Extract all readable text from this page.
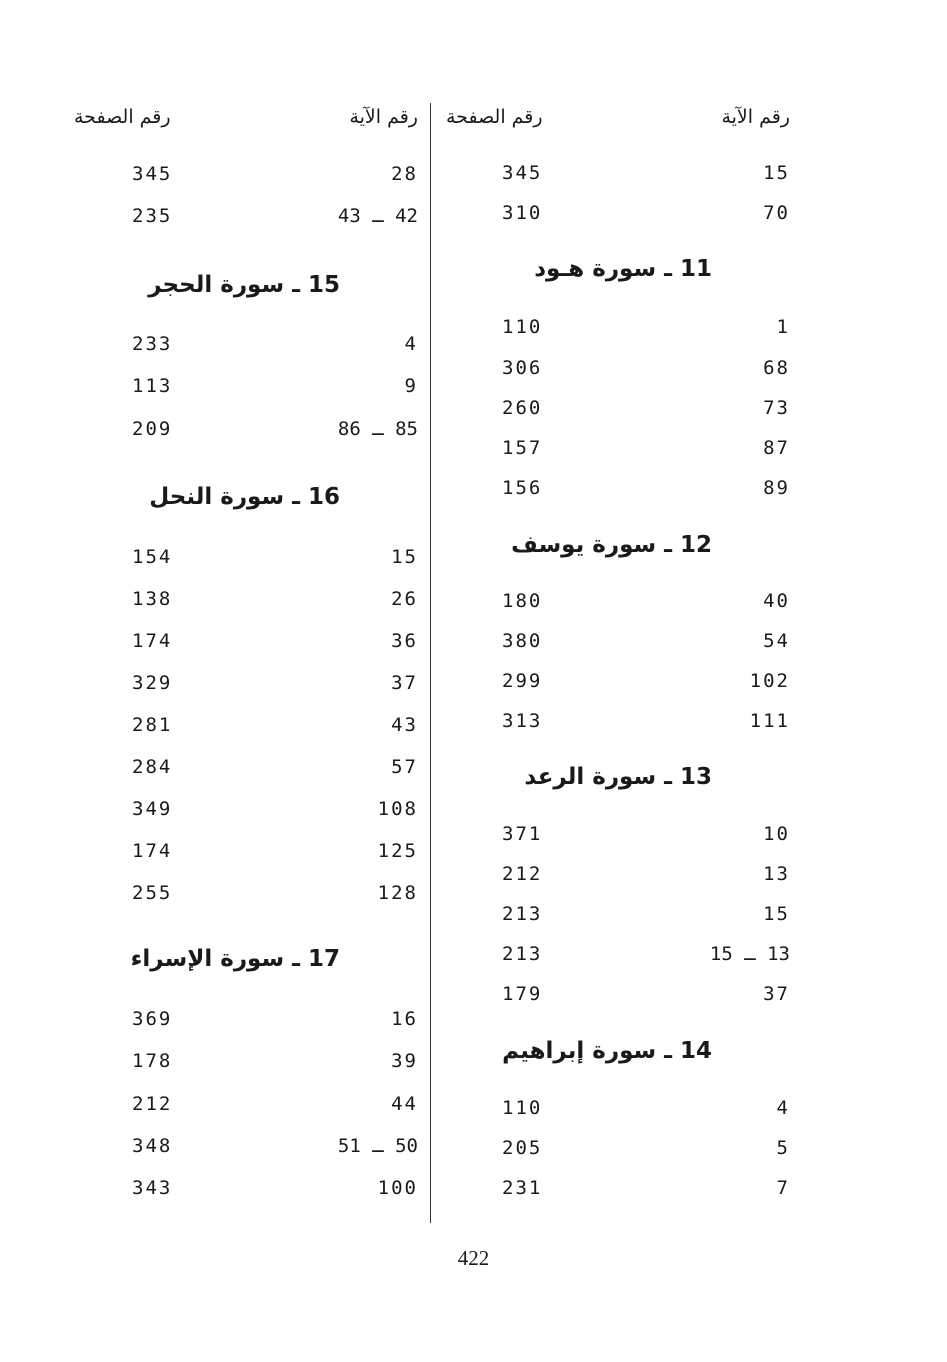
رقم الآية
رقم الصفحة
15
345
70
310
11 ـ سورة هـود
1
110
68
306
73
260
87
157
89
156
12 ـ سورة يوسف
40
180
54
380
102
299
111
313
13 ـ سورة الرعد
10
371
13
212
15
213
13 ـ 15
213
37
179
14 ـ سورة إبراهيم
4
110
5
205
7
231
رقم الآية
رقم الصفحة
28
345
42 ـ 43
235
15 ـ سورة الحجر
4
233
9
113
85 ـ 86
209
16 ـ سورة النحل
15
154
26
138
36
174
37
329
43
281
57
284
108
349
125
174
128
255
17 ـ سورة الإسراء
16
369
39
178
44
212
50 ـ 51
348
100
343
422
